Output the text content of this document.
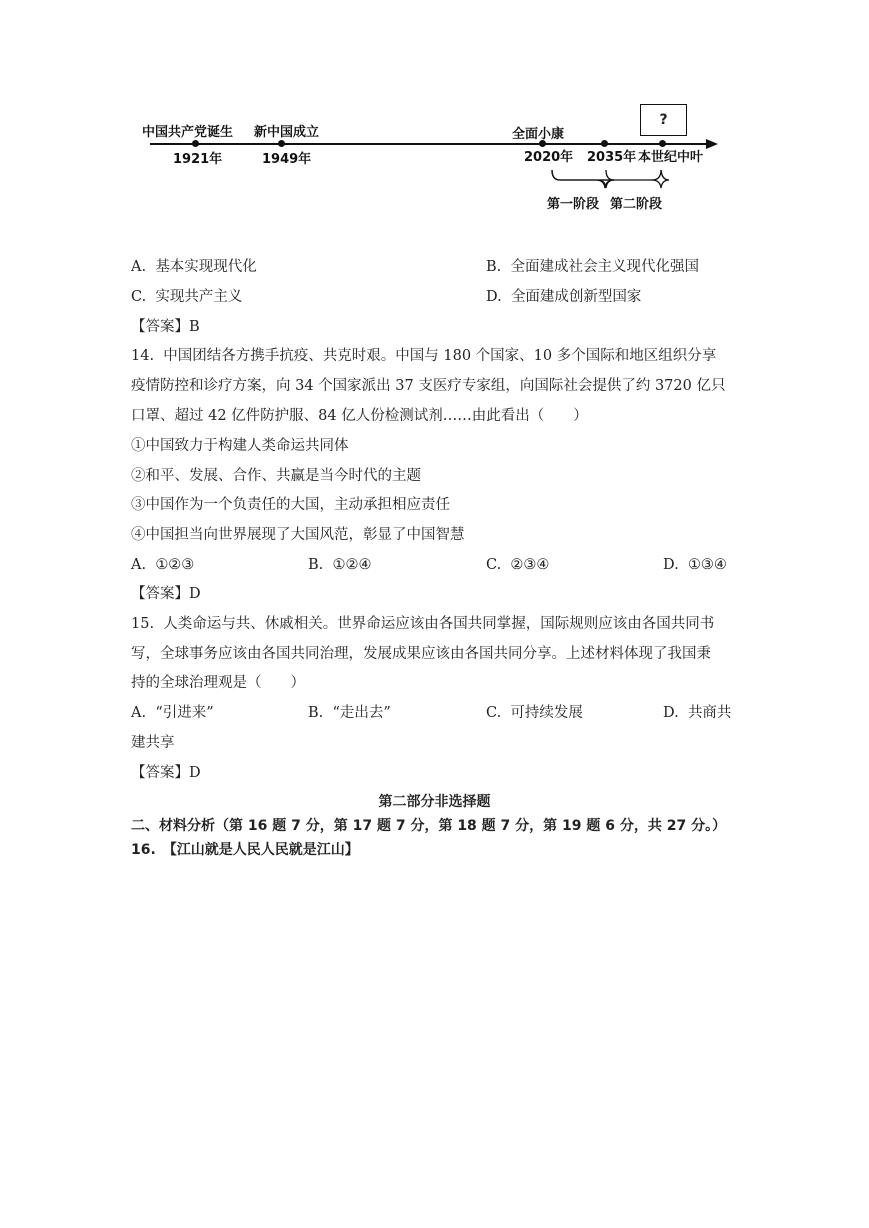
中国共产党诞生 新中国成立	全面小康
1921年	1949年	2020年 2035年 本世纪中叶
?
第一阶段 第二阶段
A. 基本实现现代化	B. 全面建成社会主义现代化强国
C. 实现共产主义	D. 全面建成创新型国家
【答案】B
14. 中国团结各方携手抗疫、共克时艰。中国与 180 个国家、10 多个国际和地区组织分享
疫情防控和诊疗方案，向 34 个国家派出 37 支医疗专家组，向国际社会提供了约 3720 亿只
口罩、超过 42 亿件防护服、84 亿人份检测试剂……由此看出（　　）
①中国致力于构建人类命运共同体
②和平、发展、合作、共赢是当今时代的主题
③中国作为一个负责任的大国，主动承担相应责任
④中国担当向世界展现了大国风范，彰显了中国智慧
A. ①②③	B. ①②④	C. ②③④	D. ①③④
【答案】D
15. 人类命运与共、休戚相关。世界命运应该由各国共同掌握，国际规则应该由各国共同书
写，全球事务应该由各国共同治理，发展成果应该由各国共同分享。上述材料体现了我国秉
持的全球治理观是（　　）
A. “引进来”	B. “走出去”	C. 可持续发展	D. 共商共
建共享
【答案】D
第二部分非选择题
二、材料分析（第 16 题 7 分，第 17 题 7 分，第 18 题 7 分，第 19 题 6 分，共 27 分。）
16.　【江山就是人民人民就是江山】
